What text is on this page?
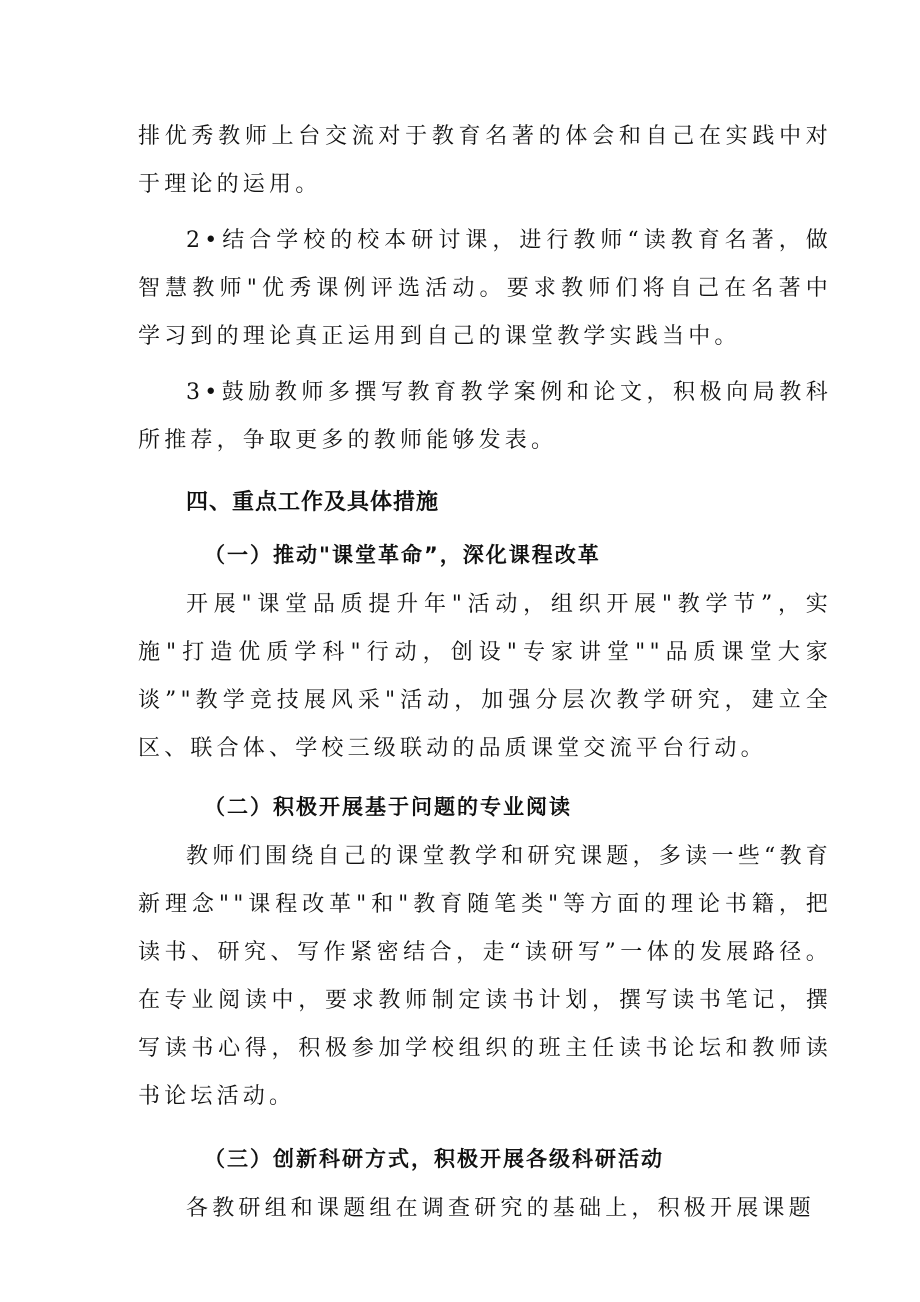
排优秀教师上台交流对于教育名著的体会和自己在实践中对于理论的运用。

2•结合学校的校本研讨课，进行教师“读教育名著，做智慧教师"优秀课例评选活动。要求教师们将自己在名著中学习到的理论真正运用到自己的课堂教学实践当中。

3•鼓励教师多撰写教育教学案例和论文，积极向局教科所推荐，争取更多的教师能够发表。

四、重点工作及具体措施
（一）推动"课堂革命”，深化课程改革

开展"课堂品质提升年"活动，组织开展"教学节”，实施"打造优质学科"行动，创设"专家讲堂""品质课堂大家谈”"教学竞技展风采"活动，加强分层次教学研究，建立全区、联合体、学校三级联动的品质课堂交流平台行动。

（二）积极开展基于问题的专业阅读

教师们围绕自己的课堂教学和研究课题，多读一些“教育新理念""课程改革"和"教育随笔类"等方面的理论书籍，把读书、研究、写作紧密结合，走“读研写”一体的发展路径。在专业阅读中，要求教师制定读书计划，撰写读书笔记，撰写读书心得，积极参加学校组织的班主任读书论坛和教师读书论坛活动。

（三）创新科研方式，积极开展各级科研活动

各教研组和课题组在调查研究的基础上，积极开展课题
